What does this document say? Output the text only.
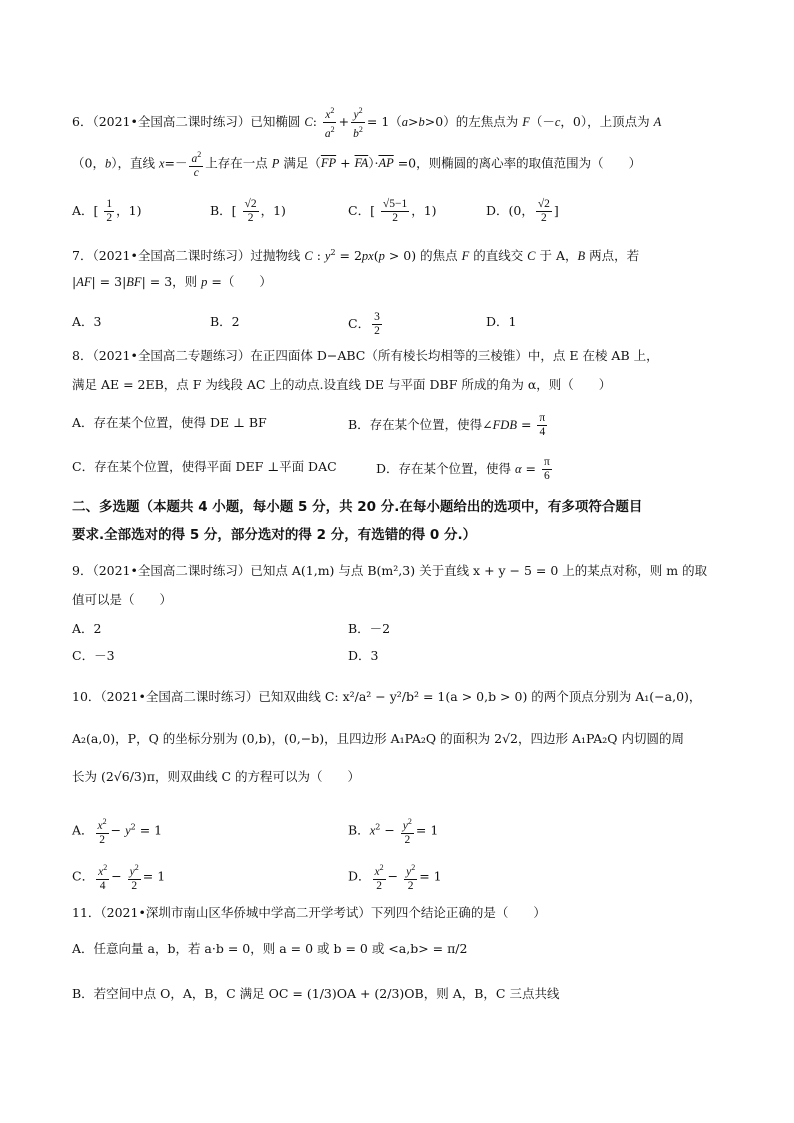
6．（2021•全国高二课时练习）已知椭圆 C: $\frac{x^2}{a^2} + \frac{y^2}{b^2} = 1(a>b>0)$的左焦点为 F（－c，0），上顶点为 A
（0，b），直线 $x=- \frac{a^2}{c}$ 上存在一点 P 满足$(\overline{FP} + \overline{FA})\cdot\overline{AP} =0$，则椭圆的离心率的取值范围为（　　）
A．[ $\frac{1}{2}$ ，1)	B．[ $\frac{√2}{2}$ ，1)	C．[ $\frac{√5-1}{2}$ ，1)	D．(0， $\frac{√2}{2}$ ]
7．（2021•全国高二课时练习）过抛物线 C : $y^2 = 2px(p > 0)$ 的焦点 F 的直线交 C 于 A，B 两点，若
|AF| = 3|BF| = 3，则 p =（　　）
A．3	B．2	C． $\frac{3}{2}$	D．1
8．（2021•全国高二专题练习）在正四面体 D−ABC（所有棱长均相等的三棱锥）中，点 E 在棱 AB 上，
满足 AE = 2EB，点 F 为线段 AC 上的动点.设直线 DE 与平面 DBF 所成的角为 α，则（　　）
A．存在某个位置，使得 DE ⊥ BF	B．存在某个位置，使得∠FDB = $\frac{\pi}{4}$
C．存在某个位置，使得平面 DEF ⊥平面 DAC	D．存在某个位置，使得 $\alpha = \frac{\pi}{6}$
二、多选题（本题共 4 小题，每小题 5 分，共 20 分.在每小题给出的选项中，有多项符合题目
要求.全部选对的得 5 分，部分选对的得 2 分，有选错的得 0 分.）
9．（2021•全国高二课时练习）已知点 A(1,m) 与点 B(m²,3) 关于直线 x + y − 5 = 0 上的某点对称，则 m 的取
值可以是（　　）
A．2	B．－2
C．－3	D．3
10．（2021•全国高二课时练习）已知双曲线 C: x²/a² − y²/b² = 1(a > 0,b > 0) 的两个顶点分别为 A₁(−a,0)，
A₂(a,0)，P，Q 的坐标分别为 (0,b)，(0,−b)，且四边形 A₁PA₂Q 的面积为 2√2，四边形 A₁PA₂Q 内切圆的周
长为 (2√6/3)π，则双曲线 C 的方程可以为（　　）
A． $\frac{x^2}{2} - y^2 = 1$	B．$x^2 - \frac{y^2}{2} = 1$
C． $\frac{x^2}{4} - \frac{y^2}{2} = 1$	D． $\frac{x^2}{2} - \frac{y^2}{2} = 1$
11．（2021•深圳市南山区华侨城中学高二开学考试）下列四个结论正确的是（　　）
A．任意向量 a，b，若 a·b = 0，则 a = 0 或 b = 0 或 <a,b> = π/2
B．若空间中点 O，A，B，C 满足 OC = (1/3)OA + (2/3)OB，则 A，B，C 三点共线
